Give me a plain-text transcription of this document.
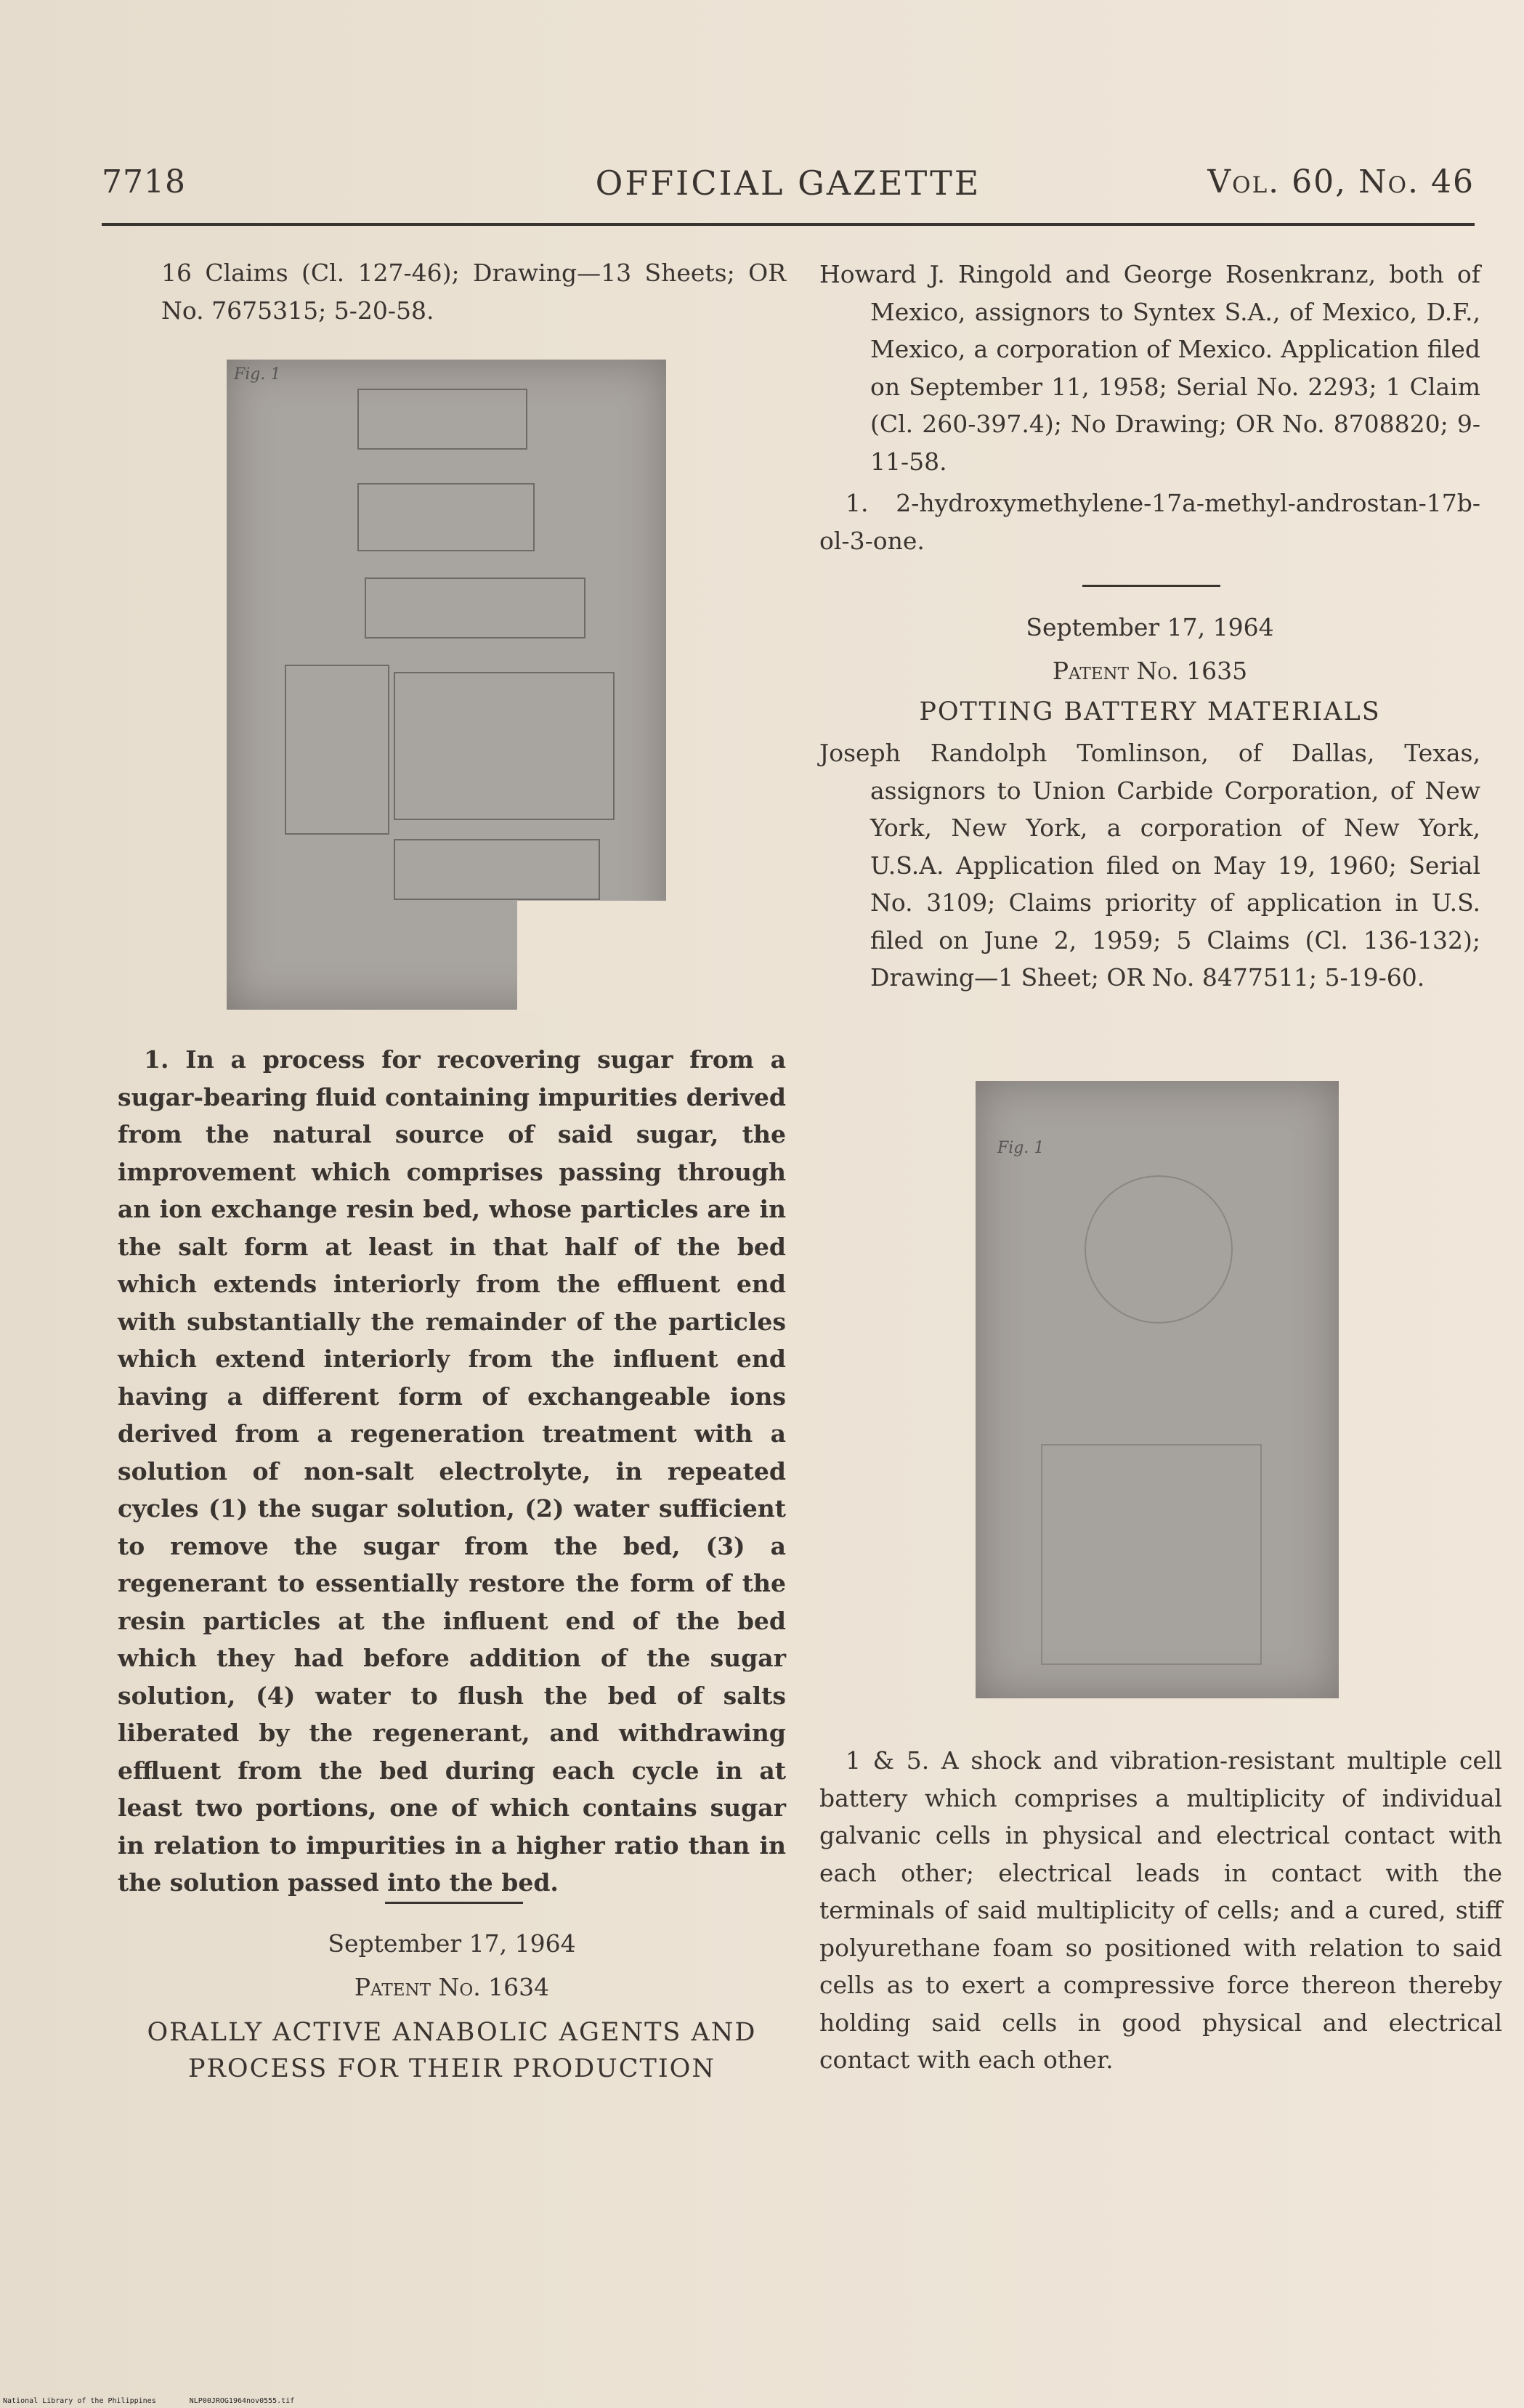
7718	OFFICIAL GAZETTE	Vol. 60, No. 46

16 Claims (Cl. 127-46); Drawing—13 Sheets; OR No. 7675315; 5-20-58.

Fig. 1

1. In a process for recovering sugar from a sugar-bearing fluid containing impurities derived from the natural source of said sugar, the improvement which comprises passing through an ion exchange resin bed, whose particles are in the salt form at least in that half of the bed which extends interiorly from the effluent end with substantially the remainder of the particles which extend interiorly from the influent end having a different form of exchangeable ions derived from a regeneration treatment with a solution of non-salt electrolyte, in repeated cycles (1) the sugar solution, (2) water sufficient to remove the sugar from the bed, (3) a regenerant to essentially restore the form of the resin particles at the influent end of the bed which they had before addition of the sugar solution, (4) water to flush the bed of salts liberated by the regenerant, and withdrawing effluent from the bed during each cycle in at least two portions, one of which contains sugar in relation to impurities in a higher ratio than in the solution passed into the bed.

September 17, 1964

Patent No. 1634

ORALLY ACTIVE ANABOLIC AGENTS AND

PROCESS FOR THEIR PRODUCTION

Howard J. Ringold and George Rosenkranz, both of Mexico, assignors to Syntex S.A., of Mexico, D.F., Mexico, a corporation of Mexico. Application filed on September 11, 1958; Serial No. 2293; 1 Claim (Cl. 260-397.4); No Drawing; OR No. 8708820; 9-11-58.

1. 2-hydroxymethylene-17a-methyl-androstan-17b-ol-3-one.

September 17, 1964

Patent No. 1635

POTTING BATTERY MATERIALS

Joseph Randolph Tomlinson, of Dallas, Texas, assignors to Union Carbide Corporation, of New York, New York, a corporation of New York, U.S.A. Application filed on May 19, 1960; Serial No. 3109; Claims priority of application in U.S. filed on June 2, 1959; 5 Claims (Cl. 136-132); Drawing—1 Sheet; OR No. 8477511; 5-19-60.

Fig. 1

1 & 5. A shock and vibration-resistant multiple cell battery which comprises a multiplicity of individual galvanic cells in physical and electrical contact with each other; electrical leads in contact with the terminals of said multiplicity of cells; and a cured, stiff polyurethane foam so positioned with relation to said cells as to exert a compressive force thereon thereby holding said cells in good physical and electrical contact with each other.

National Library of the Philippines	NLP00JROG1964nov0555.tif
